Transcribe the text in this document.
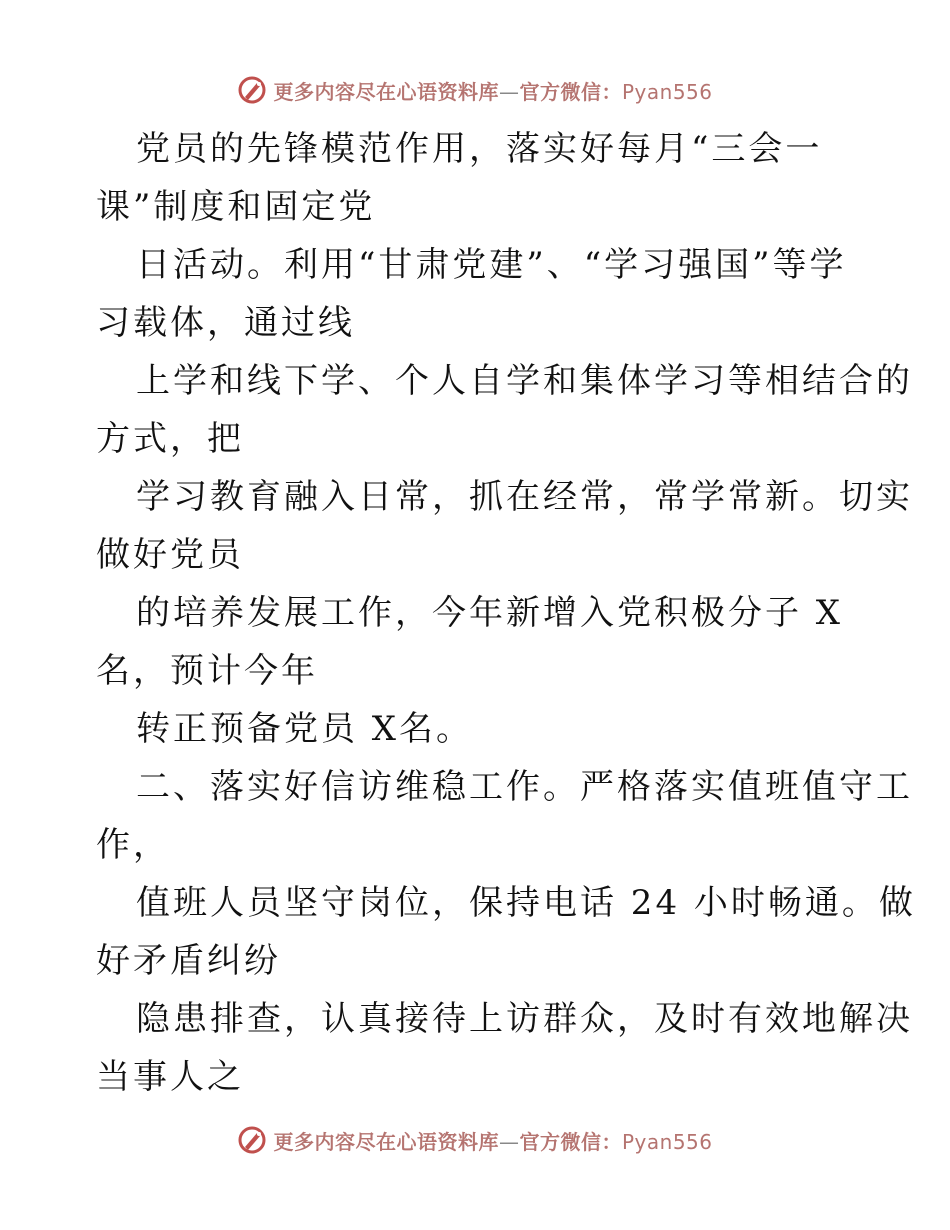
更多内容尽在心语资料库—官方微信：Pyan556

党员的先锋模范作用，落实好每月“三会一

课”制度和固定党

日活动。利用“甘肃党建”、“学习强国”等学

习载体，通过线

上学和线下学、个人自学和集体学习等相结合的

方式，把

学习教育融入日常，抓在经常，常学常新。切实

做好党员

的培养发展工作，今年新增入党积极分子 X

名，预计今年

转正预备党员 X名。

二、落实好信访维稳工作。严格落实值班值守工

作，

值班人员坚守岗位，保持电话 24 小时畅通。做

好矛盾纠纷

隐患排查，认真接待上访群众，及时有效地解决

当事人之

更多内容尽在心语资料库—官方微信：Pyan556
